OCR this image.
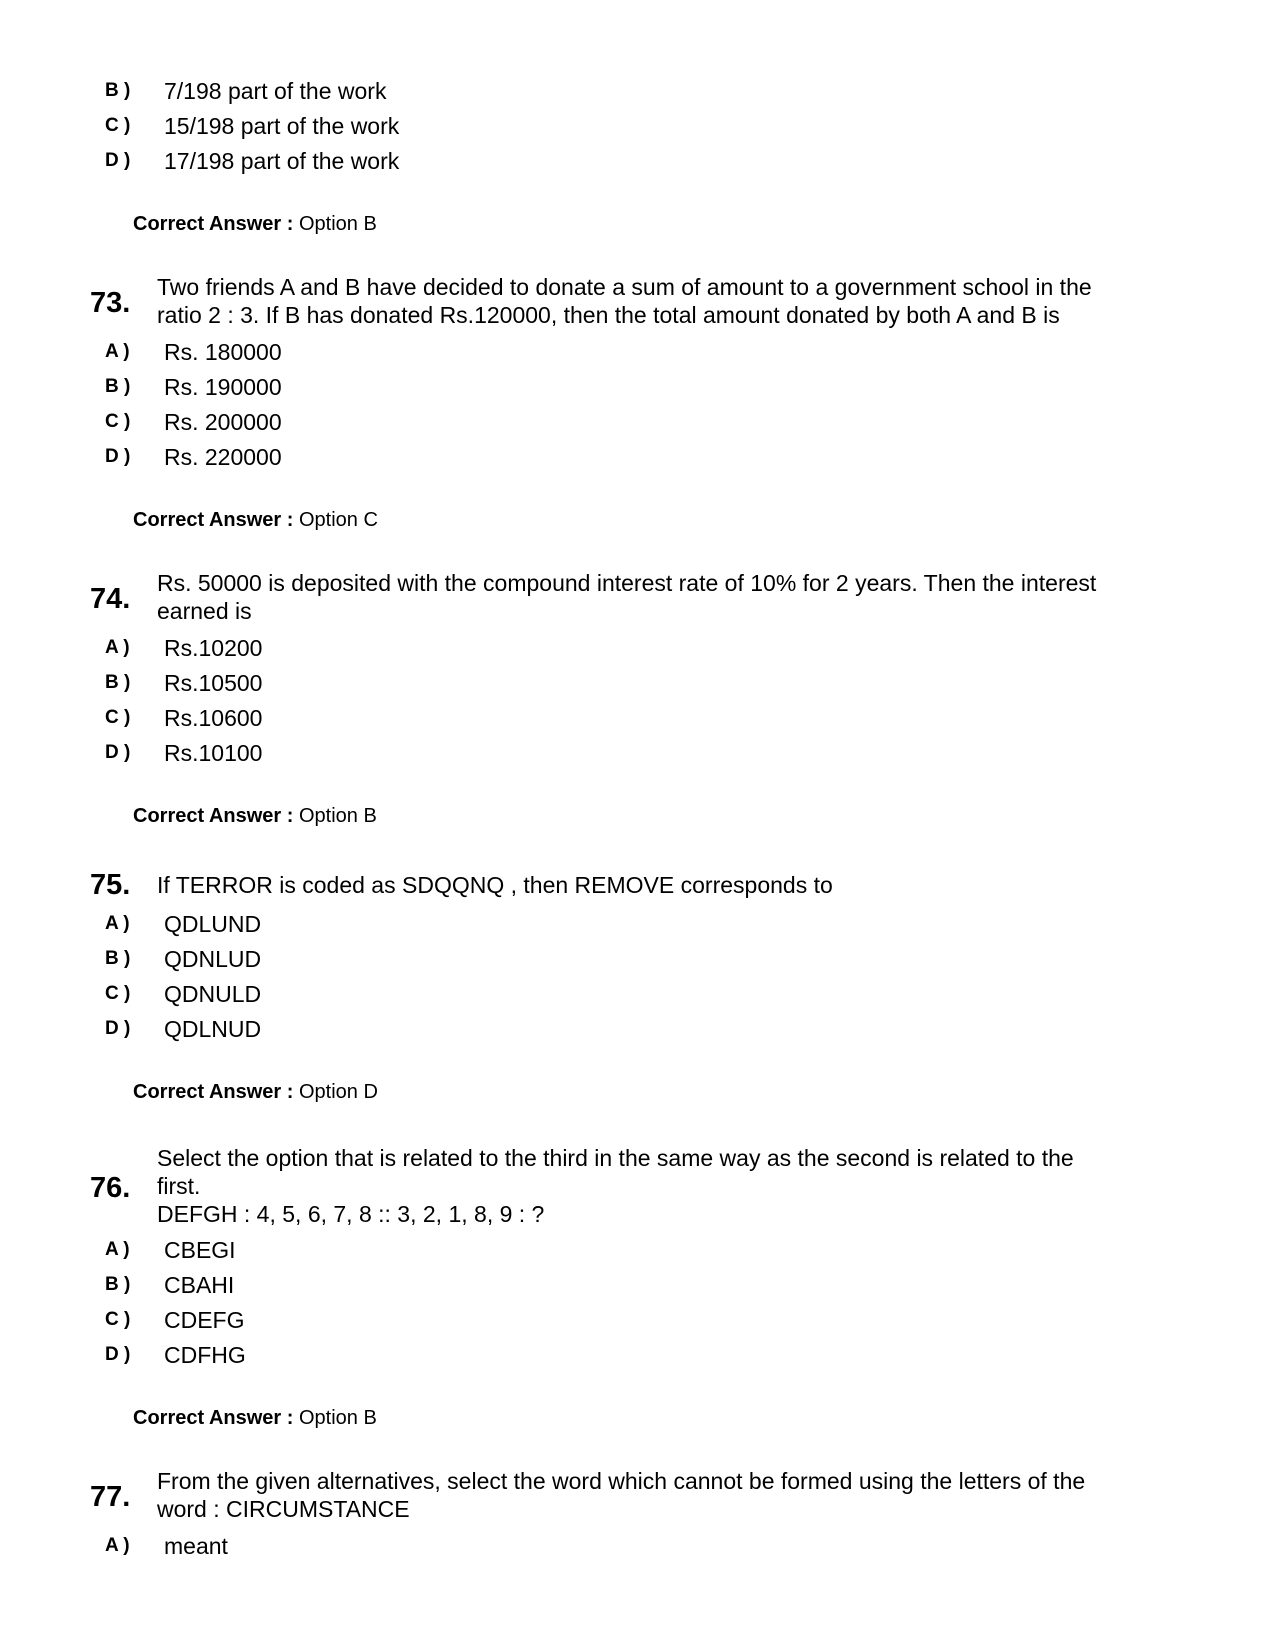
B ) 7/198 part of the work
C ) 15/198 part of the work
D ) 17/198 part of the work
Correct Answer : Option B
73. Two friends A and B have decided to donate a sum of amount to a government school in the
ratio 2 : 3. If B has donated Rs.120000, then the total amount donated by both A and B is
A ) Rs. 180000
B ) Rs. 190000
C ) Rs. 200000
D ) Rs. 220000
Correct Answer : Option C
74. Rs. 50000 is deposited with the compound interest rate of 10% for 2 years. Then the interest
earned is
A ) Rs.10200
B ) Rs.10500
C ) Rs.10600
D ) Rs.10100
Correct Answer : Option B
75. If TERROR is coded as SDQQNQ , then REMOVE corresponds to
A ) QDLUND
B ) QDNLUD
C ) QDNULD
D ) QDLNUD
Correct Answer : Option D
76.
Select the option that is related to the third in the same way as the second is related to the
first.
DEFGH : 4, 5, 6, 7, 8 :: 3, 2, 1, 8, 9 : ?
A ) CBEGI
B ) CBAHI
C ) CDEFG
D ) CDFHG
Correct Answer : Option B
77. From the given alternatives, select the word which cannot be formed using the letters of the
word : CIRCUMSTANCE
A ) meant
